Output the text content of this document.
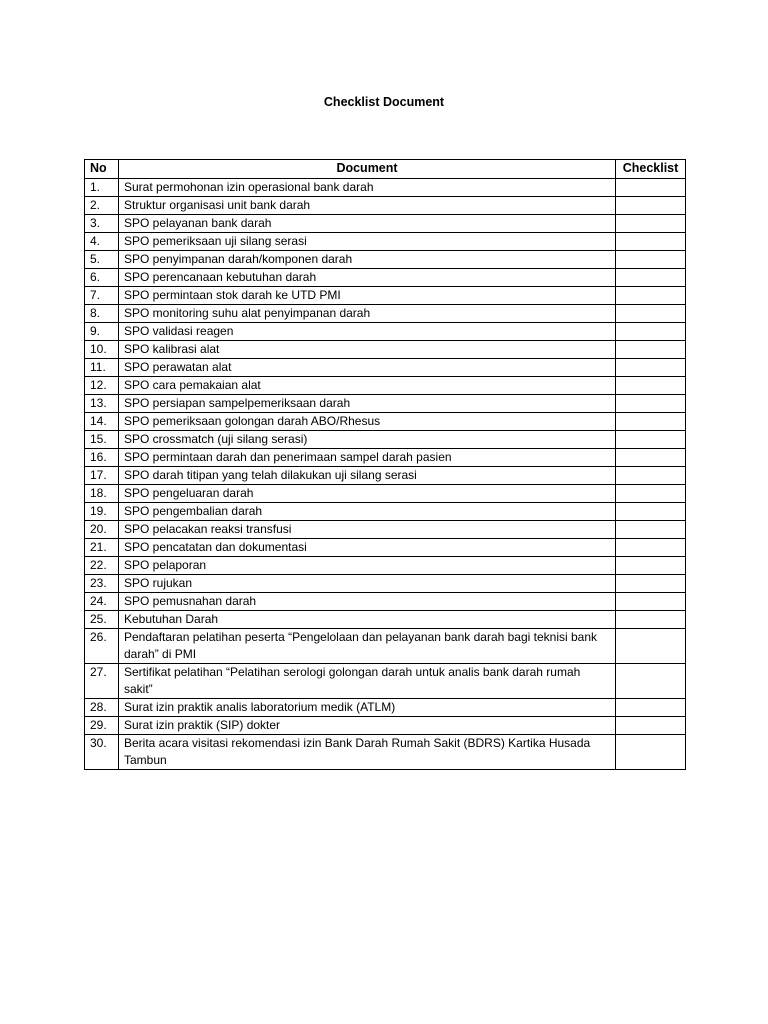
Checklist Document
No	Document	Checklist
1.	Surat permohonan izin operasional bank darah	
2.	Struktur organisasi unit bank darah	
3.	SPO pelayanan bank darah	
4.	SPO pemeriksaan uji silang serasi	
5.	SPO penyimpanan darah/komponen darah	
6.	SPO perencanaan kebutuhan darah	
7.	SPO permintaan stok darah ke UTD PMI	
8.	SPO monitoring suhu alat penyimpanan darah	
9.	SPO validasi reagen	
10.	SPO kalibrasi alat	
11.	SPO perawatan alat	
12.	SPO cara pemakaian alat	
13.	SPO persiapan sampelpemeriksaan darah	
14.	SPO pemeriksaan golongan darah ABO/Rhesus	
15.	SPO crossmatch (uji silang serasi)	
16.	SPO permintaan darah dan penerimaan sampel darah pasien	
17.	SPO darah titipan yang telah dilakukan uji silang serasi	
18.	SPO pengeluaran darah	
19.	SPO pengembalian darah	
20.	SPO pelacakan reaksi transfusi	
21.	SPO pencatatan dan dokumentasi	
22.	SPO pelaporan	
23.	SPO rujukan	
24.	SPO pemusnahan darah	
25.	Kebutuhan Darah	
26.	Pendaftaran pelatihan peserta “Pengelolaan dan pelayanan bank darah bagi teknisi bank darah” di PMI	
27.	Sertifikat pelatihan “Pelatihan serologi golongan darah untuk analis bank darah rumah sakit”	
28.	Surat izin praktik analis laboratorium medik (ATLM)	
29.	Surat izin praktik (SIP) dokter	
30.	Berita acara visitasi rekomendasi izin Bank Darah Rumah Sakit (BDRS) Kartika Husada Tambun	
